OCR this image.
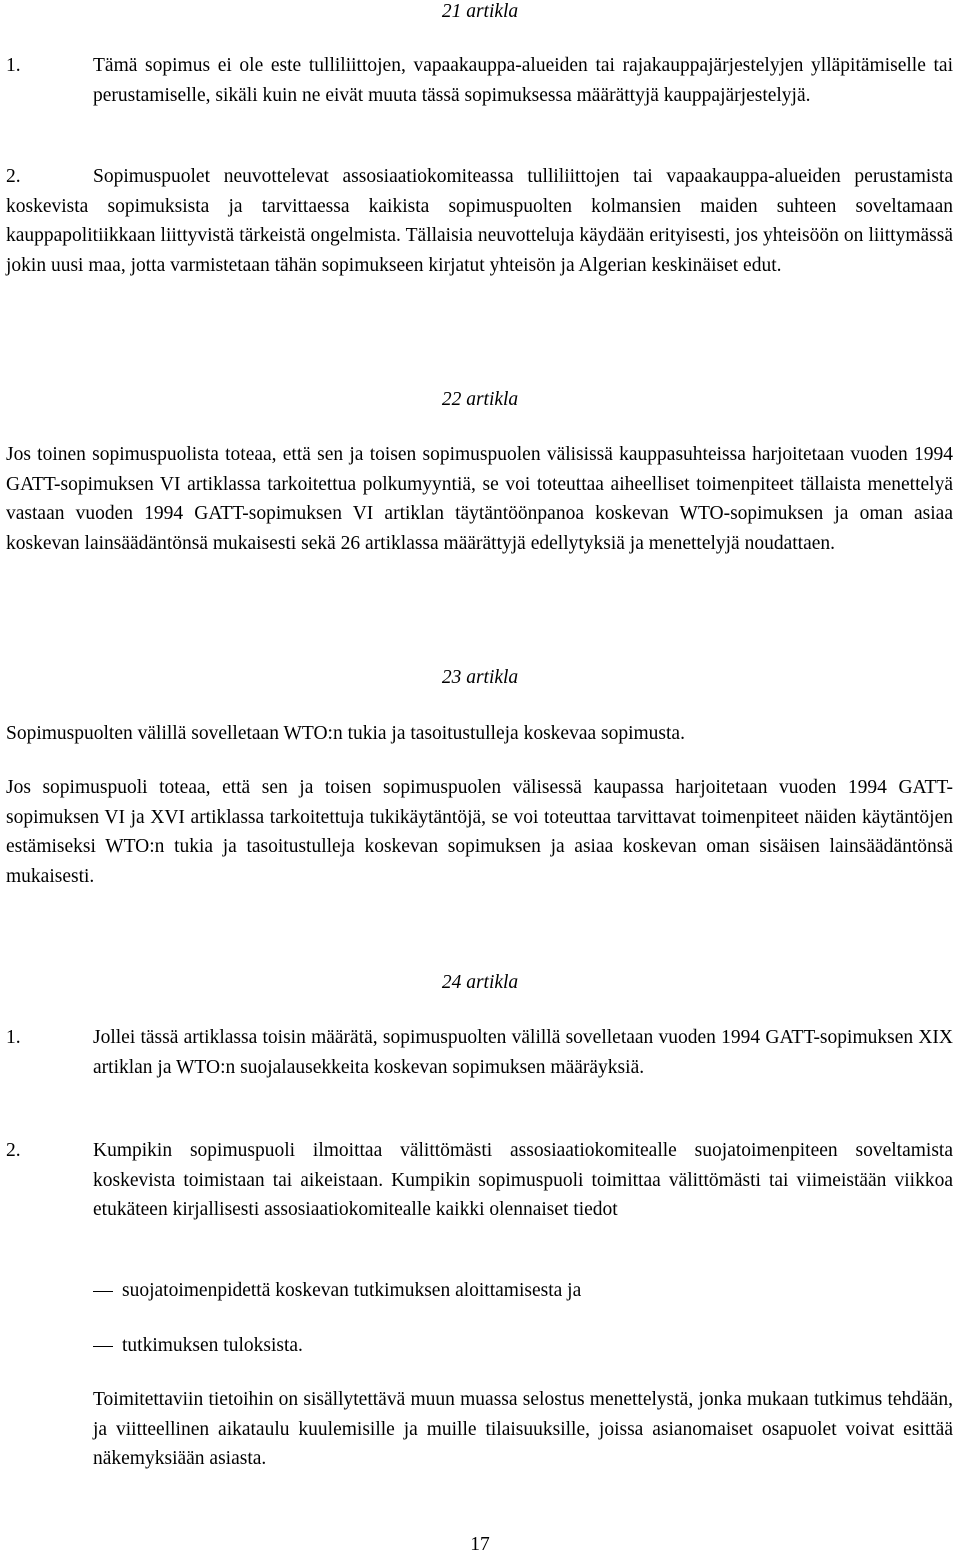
21 artikla
1.	Tämä sopimus ei ole este tulliliittojen, vapaakauppa-alueiden tai rajakauppajärjestelyjen ylläpitämiselle tai perustamiselle, sikäli kuin ne eivät muuta tässä sopimuksessa määrättyjä kauppajärjestelyjä.
2.	Sopimuspuolet neuvottelevat assosiaatiokomiteassa tulliliittojen tai vapaakauppa-alueiden perustamista koskevista sopimuksista ja tarvittaessa kaikista sopimuspuolten kolmansien maiden suhteen soveltamaan kauppapolitiikkaan liittyvistä tärkeistä ongelmista. Tällaisia neuvotteluja käydään erityisesti, jos yhteisöön on liittymässä jokin uusi maa, jotta varmistetaan tähän sopimukseen kirjatut yhteisön ja Algerian keskinäiset edut.
22 artikla
Jos toinen sopimuspuolista toteaa, että sen ja toisen sopimuspuolen välisissä kauppasuhteissa harjoitetaan vuoden 1994 GATT-sopimuksen VI artiklassa tarkoitettua polkumyyntiä, se voi toteuttaa aiheelliset toimenpiteet tällaista menettelyä vastaan vuoden 1994 GATT-sopimuksen VI artiklan täytäntöönpanoa koskevan WTO-sopimuksen ja oman asiaa koskevan lainsäädäntönsä mukaisesti sekä 26 artiklassa määrättyjä edellytyksiä ja menettelyjä noudattaen.
23 artikla
Sopimuspuolten välillä sovelletaan WTO:n tukia ja tasoitustulleja koskevaa sopimusta.
Jos sopimuspuoli toteaa, että sen ja toisen sopimuspuolen välisessä kaupassa harjoitetaan vuoden 1994 GATT-sopimuksen VI ja XVI artiklassa tarkoitettuja tukikäytäntöjä, se voi toteuttaa tarvittavat toimenpiteet näiden käytäntöjen estämiseksi WTO:n tukia ja tasoitustulleja koskevan sopimuksen ja asiaa koskevan oman sisäisen lainsäädäntönsä mukaisesti.
24 artikla
1.	Jollei tässä artiklassa toisin määrätä, sopimuspuolten välillä sovelletaan vuoden 1994 GATT-sopimuksen XIX artiklan ja WTO:n suojalausekkeita koskevan sopimuksen määräyksiä.
2.	Kumpikin sopimuspuoli ilmoittaa välittömästi assosiaatiokomitealle suojatoimenpiteen soveltamista koskevista toimistaan tai aikeistaan. Kumpikin sopimuspuoli toimittaa välittömästi tai viimeistään viikkoa etukäteen kirjallisesti assosiaatiokomitealle kaikki olennaiset tiedot
suojatoimenpidettä koskevan tutkimuksen aloittamisesta ja
tutkimuksen tuloksista.
Toimitettaviin tietoihin on sisällytettävä muun muassa selostus menettelystä, jonka mukaan tutkimus tehdään, ja viitteellinen aikataulu kuulemisille ja muille tilaisuuksille, joissa asianomaiset osapuolet voivat esittää näkemyksiään asiasta.
17
